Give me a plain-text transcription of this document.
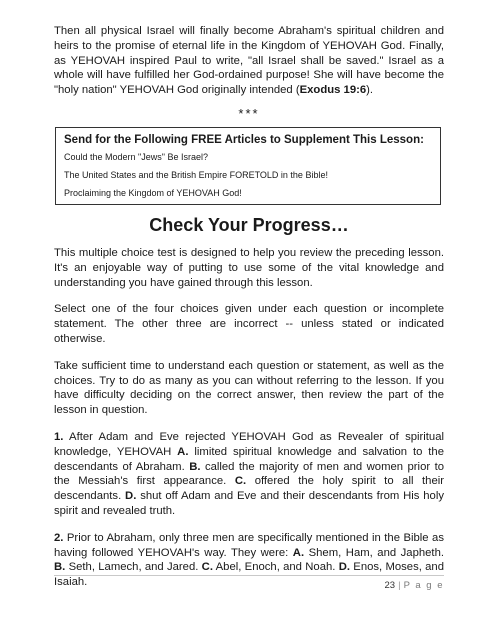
Then all physical Israel will finally become Abraham's spiritual children and heirs to the promise of eternal life in the Kingdom of YEHOVAH God. Finally, as YEHOVAH inspired Paul to write, "all Israel shall be saved." Israel as a whole will have fulfilled her God-ordained purpose! She will have become the "holy nation" YEHOVAH God originally intended (Exodus 19:6).

***
Send for the Following FREE Articles to Supplement This Lesson:
Could the Modern "Jews" Be Israel?
The United States and the British Empire FORETOLD in the Bible!
Proclaiming the Kingdom of YEHOVAH God!
Check Your Progress…

This multiple choice test is designed to help you review the preceding lesson. It's an enjoyable way of putting to use some of the vital knowledge and understanding you have gained through this lesson.

Select one of the four choices given under each question or incomplete statement. The other three are incorrect -- unless stated or indicated otherwise.

Take sufficient time to understand each question or statement, as well as the choices. Try to do as many as you can without referring to the lesson. If you have difficulty deciding on the correct answer, then review the part of the lesson in question.

1. After Adam and Eve rejected YEHOVAH God as Revealer of spiritual knowledge, YEHOVAH A. limited spiritual knowledge and salvation to the descendants of Abraham. B. called the majority of men and women prior to the Messiah's first appearance. C. offered the holy spirit to all their descendants. D. shut off Adam and Eve and their descendants from His holy spirit and revealed truth.

2. Prior to Abraham, only three men are specifically mentioned in the Bible as having followed YEHOVAH's way. They were: A. Shem, Ham, and Japheth. B. Seth, Lamech, and Jared. C. Abel, Enoch, and Noah. D. Enos, Moses, and Isaiah.	23 | P a g e
